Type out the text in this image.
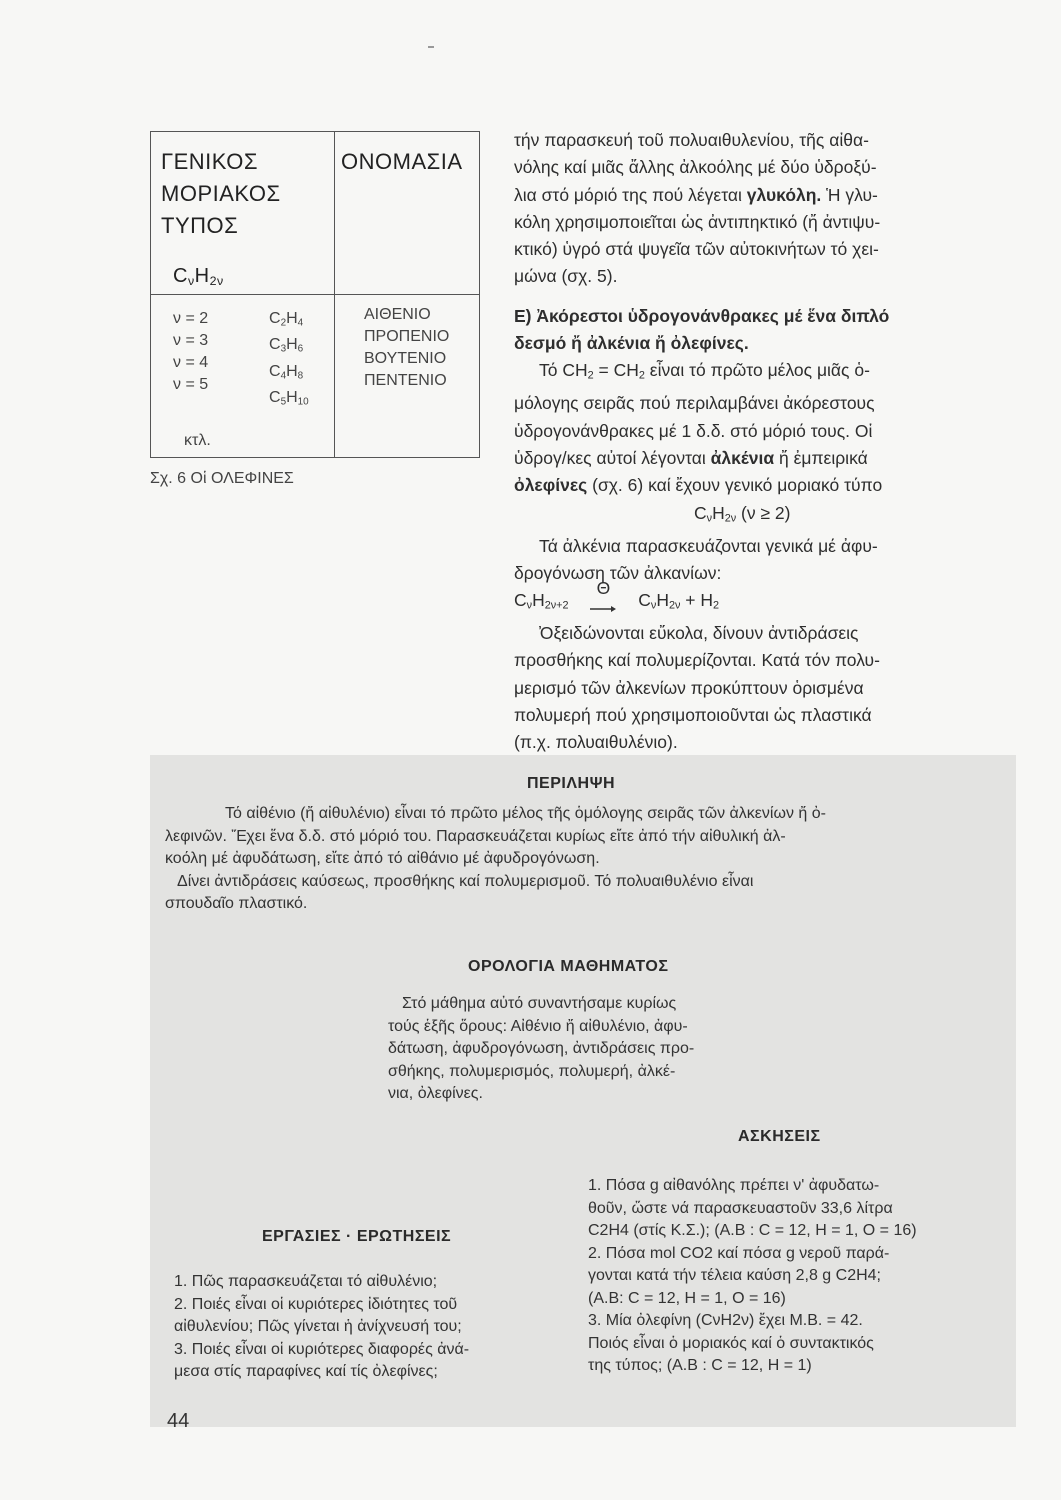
ΓΕΝΙΚΟΣ
ΜΟΡΙΑΚΟΣ
ΤΥΠΟΣ
ΟΝΟΜΑΣΙΑ
$C_\nu H_{2\nu}$
ν = 2
ν = 3
ν = 4
ν = 5
$C_2H_4$
$C_3H_6$
$C_4H_8$
$C_5H_{10}$
ΑΙΘΕΝΙΟ
ΠΡΟΠΕΝΙΟ
ΒΟΥΤΕΝΙΟ
ΠΕΝΤΕΝΙΟ
κτλ.
Σχ. 6 Οἱ ΟΛΕΦΙΝΕΣ
τήν παρασκευή τοῦ πολυαιθυλενίου, τῆς αἰθα-
νόλης καί μιᾶς ἄλλης ἀλκοόλης μέ δύο ὑδροξύ-
λια στό μόριό της πού λέγεται γλυκόλη. Ἡ γλυ-
κόλη χρησιμοποιεῖται ὡς ἀντιπηκτικό (ἤ ἀντιψυ-
κτικό) ὑγρό στά ψυγεῖα τῶν αὐτοκινήτων τό χει-
μώνα (σχ. 5).
Ε) Ἀκόρεστοι ὑδρογονάνθρακες μέ ἕνα διπλό
δεσμό ἤ ἀλκένια ἤ ὀλεφίνες.
Τό $CH_2 = CH_2$ εἶναι τό πρῶτο μέλος μιᾶς ὁ-
μόλογης σειρᾶς πού περιλαμβάνει ἀκόρεστους
ὑδρογονάνθρακες μέ 1 δ.δ. στό μόριό τους. Οἱ
ὑδρογ/κες αὐτοί λέγονται ἀλκένια ἤ ἐμπειρικά
ὀλεφίνες (σχ. 6) καί ἔχουν γενικό μοριακό τύπο
$C_\nu H_{2\nu}$ (ν ≥ 2)
Τά ἀλκένια παρασκευάζονται γενικά μέ ἀφυ-
δρογόνωση τῶν ἀλκανίων:
$C_\nu H_{2\nu+2}$ Θ
$C_\nu H_{2\nu} + H_2$
Ὀξειδώνονται εὔκολα, δίνουν ἀντιδράσεις
προσθήκης καί πολυμερίζονται. Κατά τόν πολυ-
μερισμό τῶν ἀλκενίων προκύπτουν ὁρισμένα
πολυμερή πού χρησιμοποιοῦνται ὡς πλαστικά
(π.χ. πολυαιθυλένιο).
ΠΕΡΙΛΗΨΗ
Τό αἰθένιο (ἤ αἰθυλένιο) εἶναι τό πρῶτο μέλος τῆς ὁμόλογης σειρᾶς τῶν ἀλκενίων ἤ ὀ-
λεφινῶν. Ἔχει ἕνα δ.δ. στό μόριό του. Παρασκευάζεται κυρίως εἴτε ἀπό τήν αἰθυλική ἀλ-
κοόλη μέ ἀφυδάτωση, εἴτε ἀπό τό αἰθάνιο μέ ἀφυδρογόνωση.
Δίνει ἀντιδράσεις καύσεως, προσθήκης καί πολυμερισμοῦ. Τό πολυαιθυλένιο εἶναι
σπουδαῖο πλαστικό.
ΟΡΟΛΟΓΙΑ ΜΑΘΗΜΑΤΟΣ
Στό μάθημα αὐτό συναντήσαμε κυρίως
τούς ἑξῆς ὅρους: Αἰθένιο ἤ αἰθυλένιο, ἀφυ-
δάτωση, ἀφυδρογόνωση, ἀντιδράσεις προ-
σθήκης, πολυμερισμός, πολυμερή, ἀλκέ-
νια, ὀλεφίνες.
ΑΣΚΗΣΕΙΣ
1. Πόσα g αἰθανόλης πρέπει ν' ἀφυδατω-
θοῦν, ὥστε νά παρασκευαστοῦν 33,6 λίτρα
C2H4 (στίς Κ.Σ.); (Α.Β : C = 12, H = 1, O = 16)
2. Πόσα mol CO2 καί πόσα g νεροῦ παρά-
γονται κατά τήν τέλεια καύση 2,8 g C2H4;
(Α.Β: C = 12, H = 1, O = 16)
3. Μία ὀλεφίνη (CνH2ν) ἔχει Μ.Β. = 42.
Ποιός εἶναι ὁ μοριακός καί ὁ συντακτικός
της τύπος; (Α.Β : C = 12, H = 1)
ΕΡΓΑΣΙΕΣ · ΕΡΩΤΗΣΕΙΣ
1. Πῶς παρασκευάζεται τό αἰθυλένιο;
2. Ποιές εἶναι οἱ κυριότερες ἰδιότητες τοῦ
αἰθυλενίου; Πῶς γίνεται ἡ ἀνίχνευσή του;
3. Ποιές εἶναι οἱ κυριότερες διαφορές ἀνά-
μεσα στίς παραφίνες καί τίς ὀλεφίνες;
44
